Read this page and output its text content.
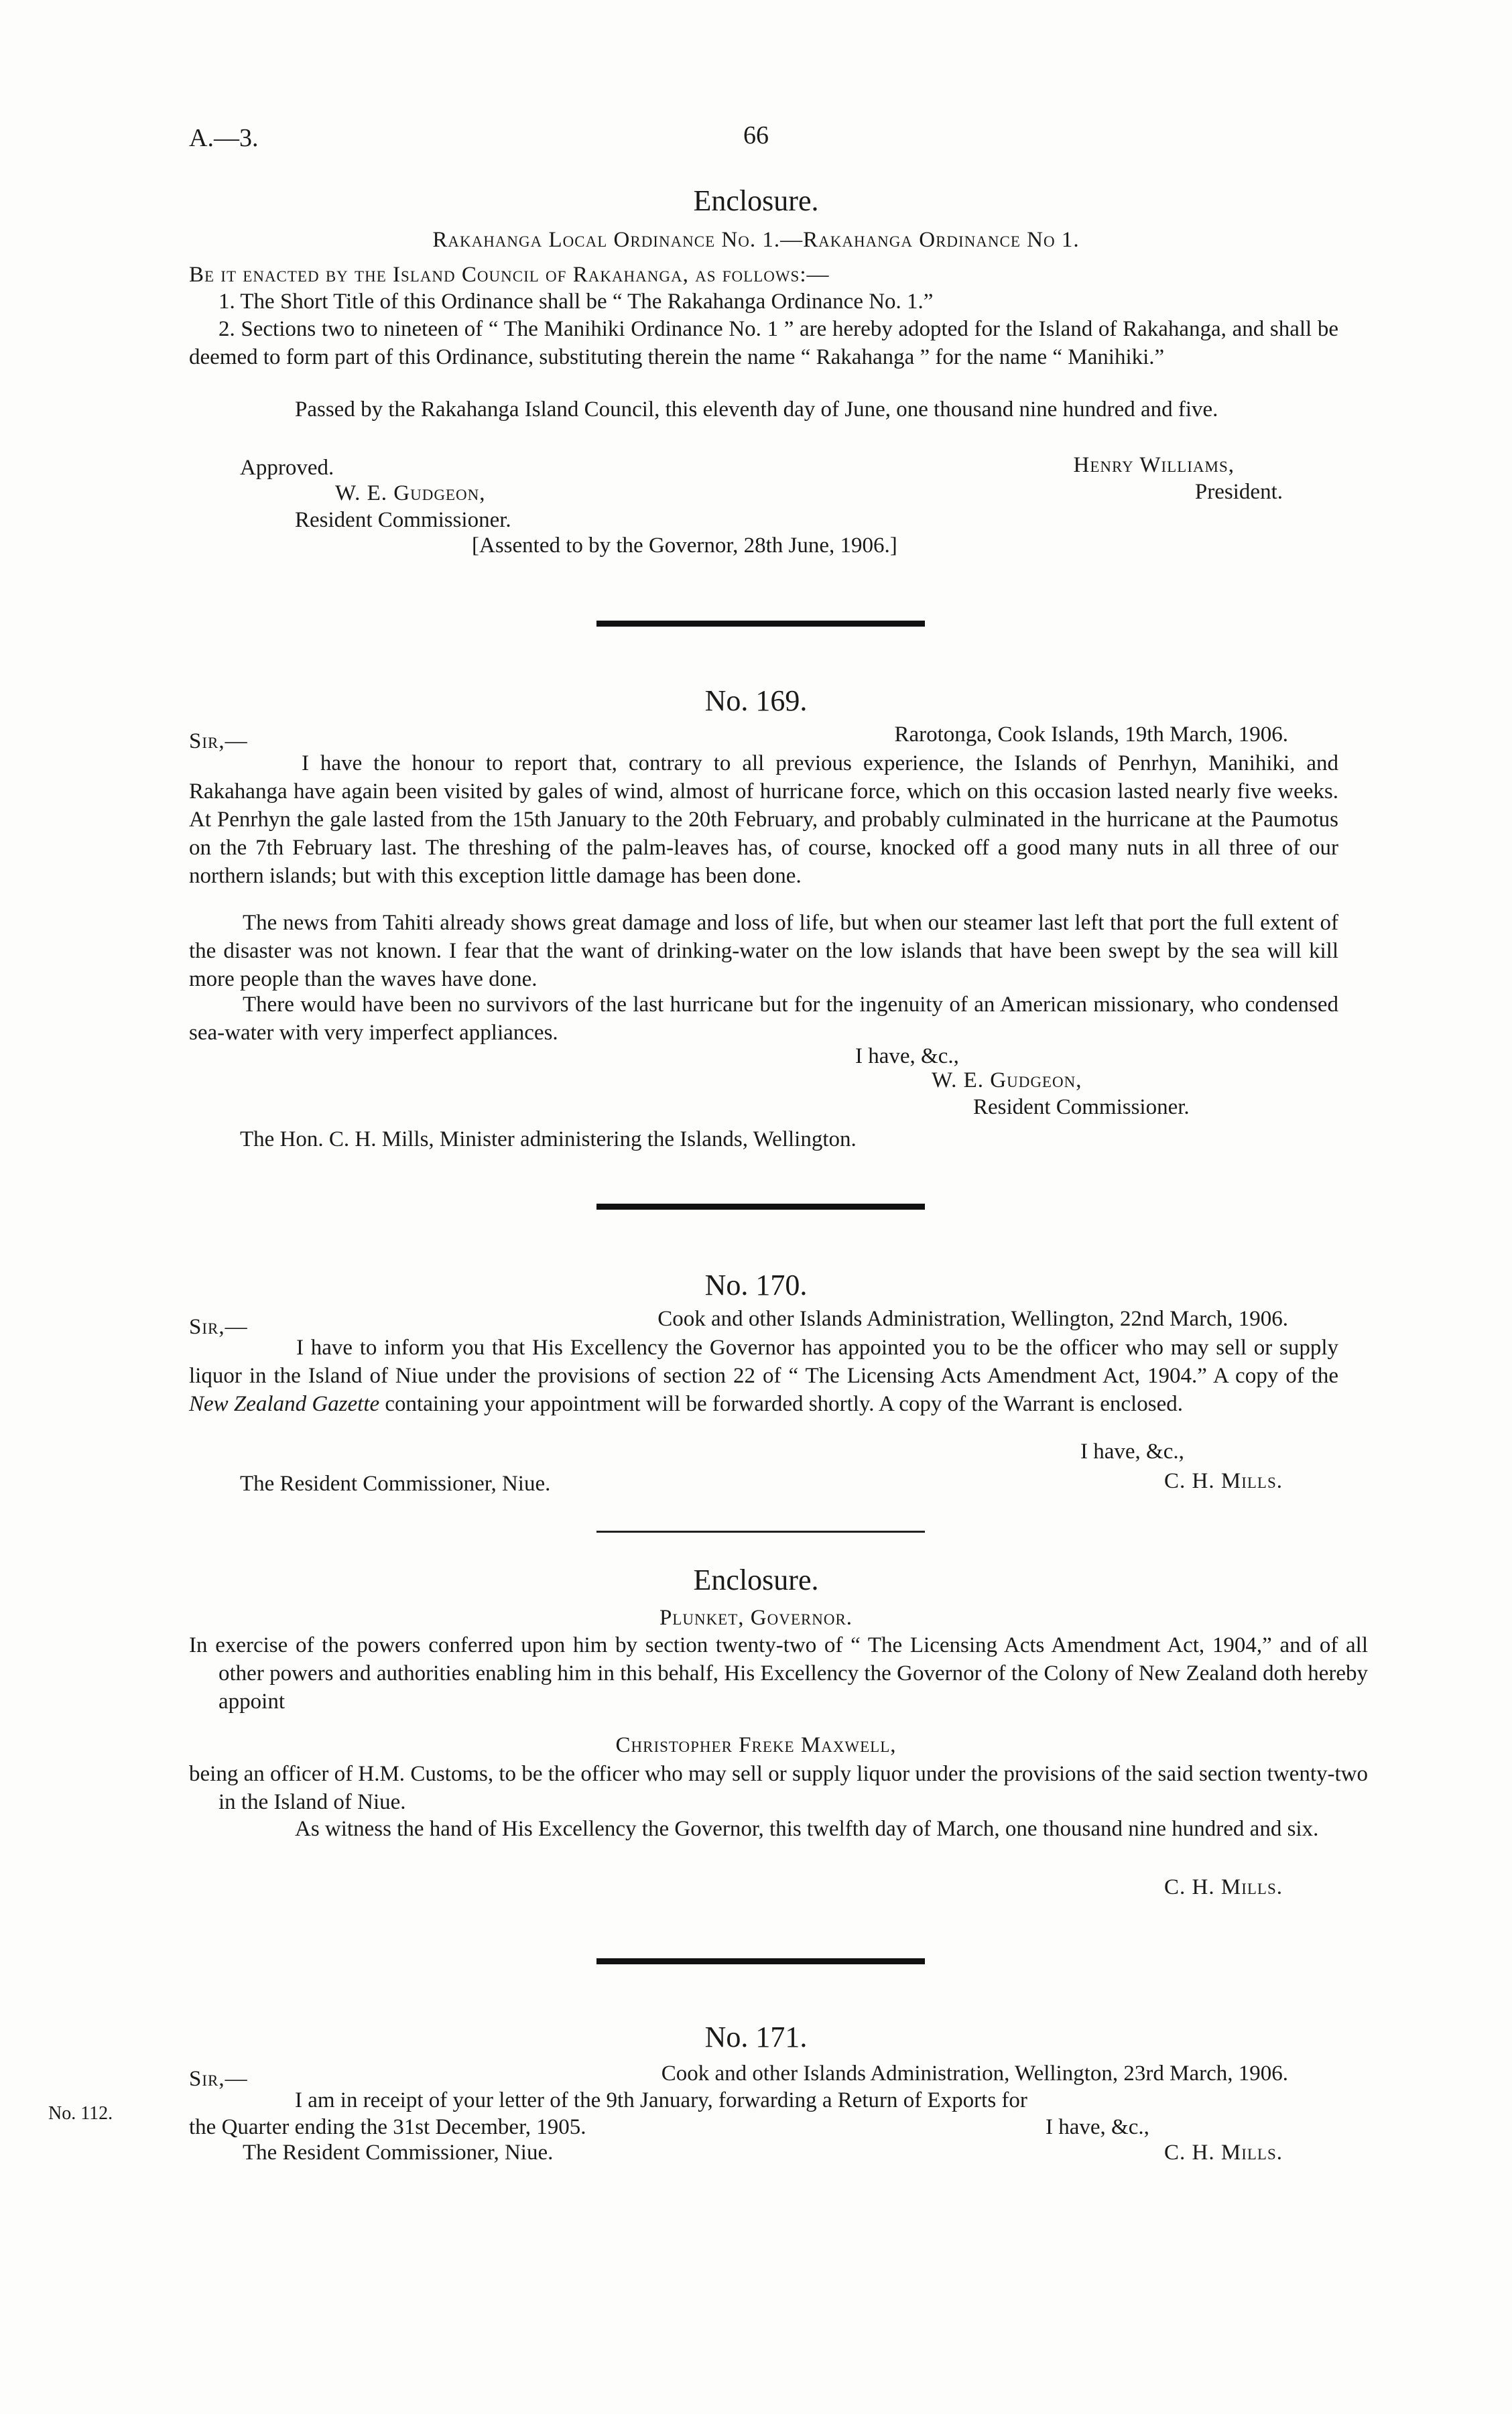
A.—3.	66
Enclosure.
Rakahanga Local Ordinance No. 1.—Rakahanga Ordinance No 1.
Be it enacted by the Island Council of Rakahanga, as follows:—
1. The Short Title of this Ordinance shall be “ The Rakahanga Ordinance No. 1.”
2. Sections two to nineteen of “ The Manihiki Ordinance No. 1 ” are hereby adopted for the Island of Rakahanga, and shall be deemed to form part of this Ordinance, substituting therein the name “ Rakahanga ” for the name “ Manihiki.”
Passed by the Rakahanga Island Council, this eleventh day of June, one thousand nine hundred and five.
Approved.
W. E. Gudgeon,
Resident Commissioner.
Henry Williams,
President.
[Assented to by the Governor, 28th June, 1906.]
No. 169.
Sir,—	Rarotonga, Cook Islands, 19th March, 1906.
I have the honour to report that, contrary to all previous experience, the Islands of Penrhyn, Manihiki, and Rakahanga have again been visited by gales of wind, almost of hurricane force, which on this occasion lasted nearly five weeks. At Penrhyn the gale lasted from the 15th January to the 20th February, and probably culminated in the hurricane at the Paumotus on the 7th February last. The threshing of the palm-leaves has, of course, knocked off a good many nuts in all three of our northern islands; but with this exception little damage has been done.
The news from Tahiti already shows great damage and loss of life, but when our steamer last left that port the full extent of the disaster was not known. I fear that the want of drinking-water on the low islands that have been swept by the sea will kill more people than the waves have done.
There would have been no survivors of the last hurricane but for the ingenuity of an American missionary, who condensed sea-water with very imperfect appliances.
I have, &c.,
W. E. Gudgeon,
Resident Commissioner.
The Hon. C. H. Mills, Minister administering the Islands, Wellington.
No. 170.
Sir,—	Cook and other Islands Administration, Wellington, 22nd March, 1906.
I have to inform you that His Excellency the Governor has appointed you to be the officer who may sell or supply liquor in the Island of Niue under the provisions of section 22 of “ The Licensing Acts Amendment Act, 1904.” A copy of the New Zealand Gazette containing your appointment will be forwarded shortly. A copy of the Warrant is enclosed.
I have, &c.,
The Resident Commissioner, Niue.	C. H. Mills.
Enclosure.
Plunket, Governor.
In exercise of the powers conferred upon him by section twenty-two of “ The Licensing Acts Amendment Act, 1904,” and of all other powers and authorities enabling him in this behalf, His Excellency the Governor of the Colony of New Zealand doth hereby appoint
Christopher Freke Maxwell,
being an officer of H.M. Customs, to be the officer who may sell or supply liquor under the provisions of the said section twenty-two in the Island of Niue.
As witness the hand of His Excellency the Governor, this twelfth day of March, one thousand nine hundred and six.
C. H. Mills.
No. 171.
No. 112.
Sir,—	Cook and other Islands Administration, Wellington, 23rd March, 1906.
I am in receipt of your letter of the 9th January, forwarding a Return of Exports for
the Quarter ending the 31st December, 1905.	I have, &c.,
The Resident Commissioner, Niue.	C. H. Mills.
